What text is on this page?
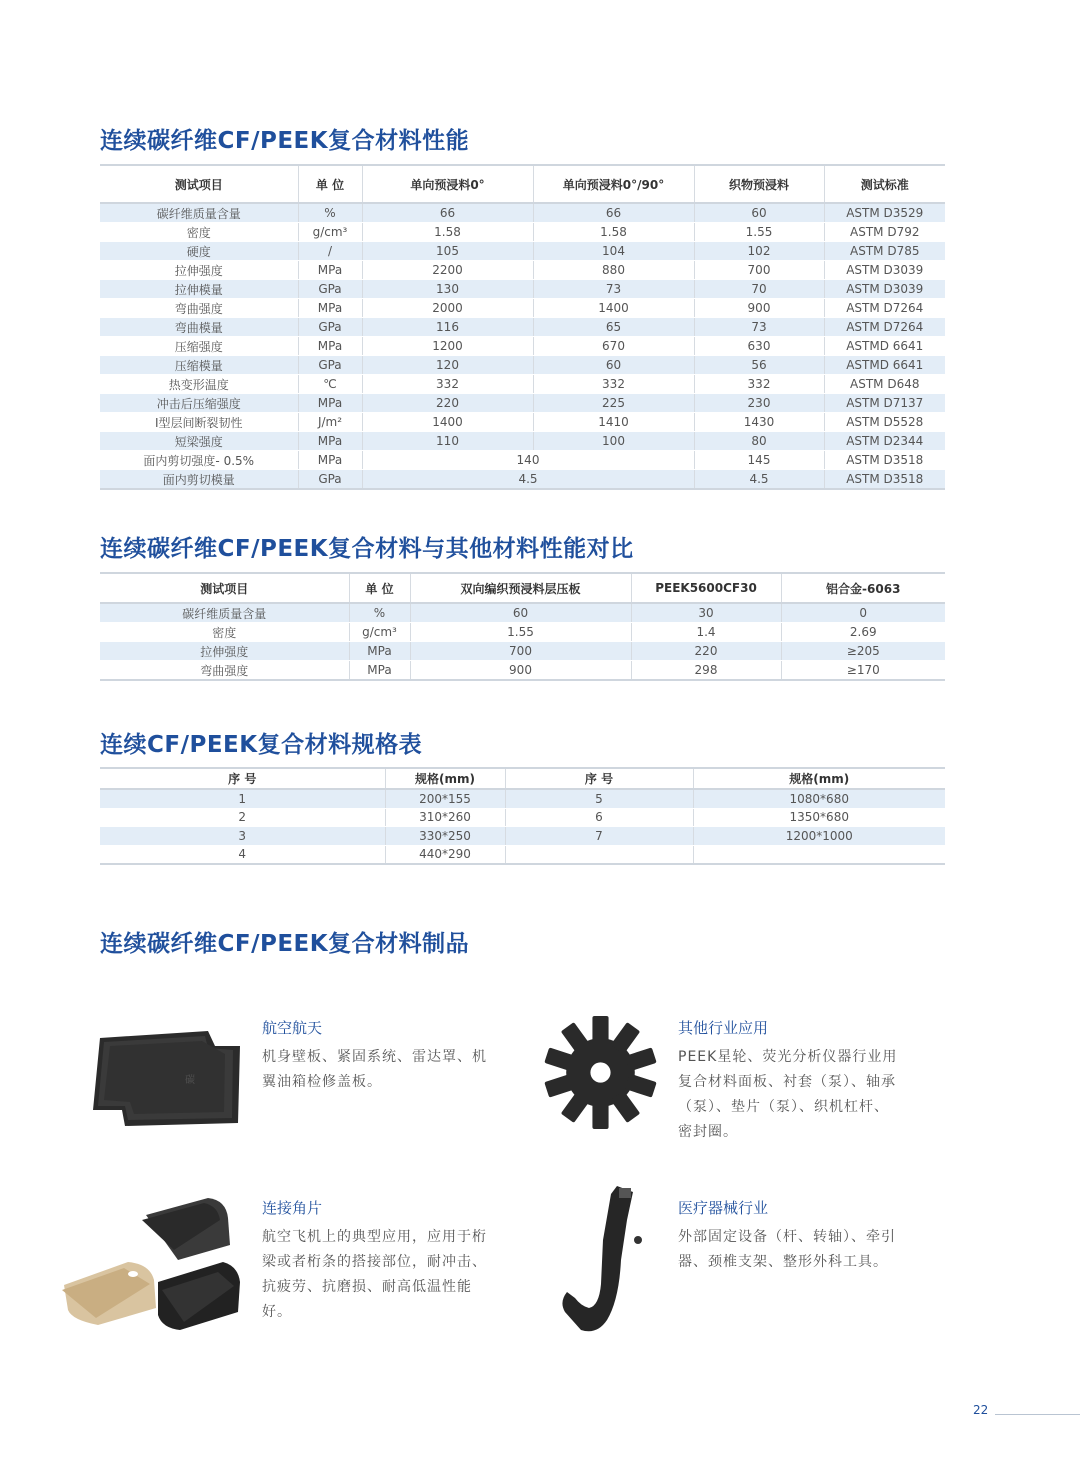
连续碳纤维CF/PEEK复合材料性能
测试项目	单 位	单向预浸料0°	单向预浸料0°/90°	织物预浸料	测试标准
碳纤维质量含量	%	66	66	60	ASTM D3529
密度	g/cm³	1.58	1.58	1.55	ASTM D792
硬度	/	105	104	102	ASTM D785
拉伸强度	MPa	2200	880	700	ASTM D3039
拉伸模量	GPa	130	73	70	ASTM D3039
弯曲强度	MPa	2000	1400	900	ASTM D7264
弯曲模量	GPa	116	65	73	ASTM D7264
压缩强度	MPa	1200	670	630	ASTMD 6641
压缩模量	GPa	120	60	56	ASTMD 6641
热变形温度	℃	332	332	332	ASTM D648
冲击后压缩强度	MPa	220	225	230	ASTM D7137
Ⅰ型层间断裂韧性	J/m²	1400	1410	1430	ASTM D5528
短梁强度	MPa	110	100	80	ASTM D2344
面内剪切强度- 0.5%	MPa	140		145	ASTM D3518
面内剪切模量	GPa	4.5		4.5	ASTM D3518
连续碳纤维CF/PEEK复合材料与其他材料性能对比
测试项目	单 位	双向编织预浸料层压板	PEEK5600CF30	铝合金-6063
碳纤维质量含量	%	60	30	0
密度	g/cm³	1.55	1.4	2.69
拉伸强度	MPa	700	220	≥205
弯曲强度	MPa	900	298	≥170
连续CF/PEEK复合材料规格表
序 号	规格(mm)	序 号	规格(mm)
1	200*155	5	1080*680
2	310*260	6	1350*680
3	330*250	7	1200*1000
4	440*290		
连续碳纤维CF/PEEK复合材料制品
碳
航空航天

机身壁板、紧固系统、雷达罩、机翼油箱检修盖板。

其他行业应用

PEEK星轮、荧光分析仪器行业用复合材料面板、衬套（泵）、轴承（泵）、垫片（泵）、织机杠杆、密封圈。

连接角片

航空飞机上的典型应用，应用于桁梁或者桁条的搭接部位，耐冲击、抗疲劳、抗磨损、耐高低温性能好。

医疗器械行业

外部固定设备（杆、转轴）、牵引器、颈椎支架、整形外科工具。

22
